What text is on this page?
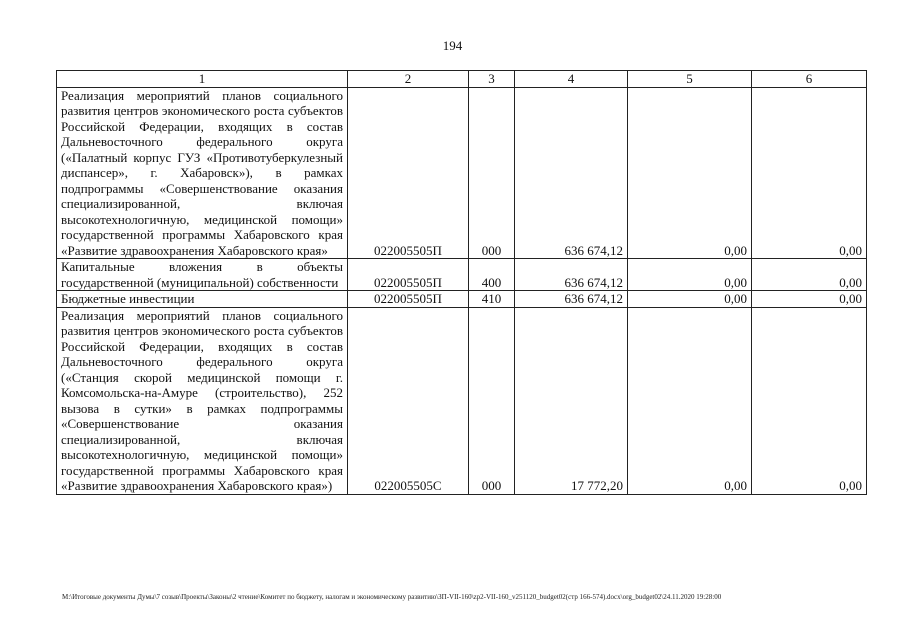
194
1	2	3	4	5	6
Реализация мероприятий планов социального развития центров экономического роста субъектов Российской Федерации, входящих в состав Дальневосточного федерального округа («Палатный корпус ГУЗ «Противотуберкулезный диспансер», г. Хабаровск»), в рамках подпрограммы «Совершенствование оказания специализированной, включая высокотехнологичную, медицинской помощи» государственной программы Хабаровского края «Развитие здравоохранения Хабаровского края»	022005505П	000	636 674,12	0,00	0,00
Капитальные вложения в объекты государственной (муниципальной) собственности	022005505П	400	636 674,12	0,00	0,00
Бюджетные инвестиции	022005505П	410	636 674,12	0,00	0,00
Реализация мероприятий планов социального развития центров экономического роста субъектов Российской Федерации, входящих в состав Дальневосточного федерального округа («Станция скорой медицинской помощи г. Комсомольска-на-Амуре (строительство), 252 вызова в сутки» в рамках подпрограммы «Совершенствование оказания специализированной, включая высокотехнологичную, медицинской помощи» государственной программы Хабаровского края «Развитие здравоохранения Хабаровского края»)	022005505С	000	17 772,20	0,00	0,00
M:\Итоговые документы Думы\7 созыв\Проекты\Законы\2 чтение\Комитет по бюджету, налогам и экономическому развитию\ЗП-VII-160\zp2-VII-160_v251120_budget02(стр 166-574).docx\org_budget02\24.11.2020 19:28:00
